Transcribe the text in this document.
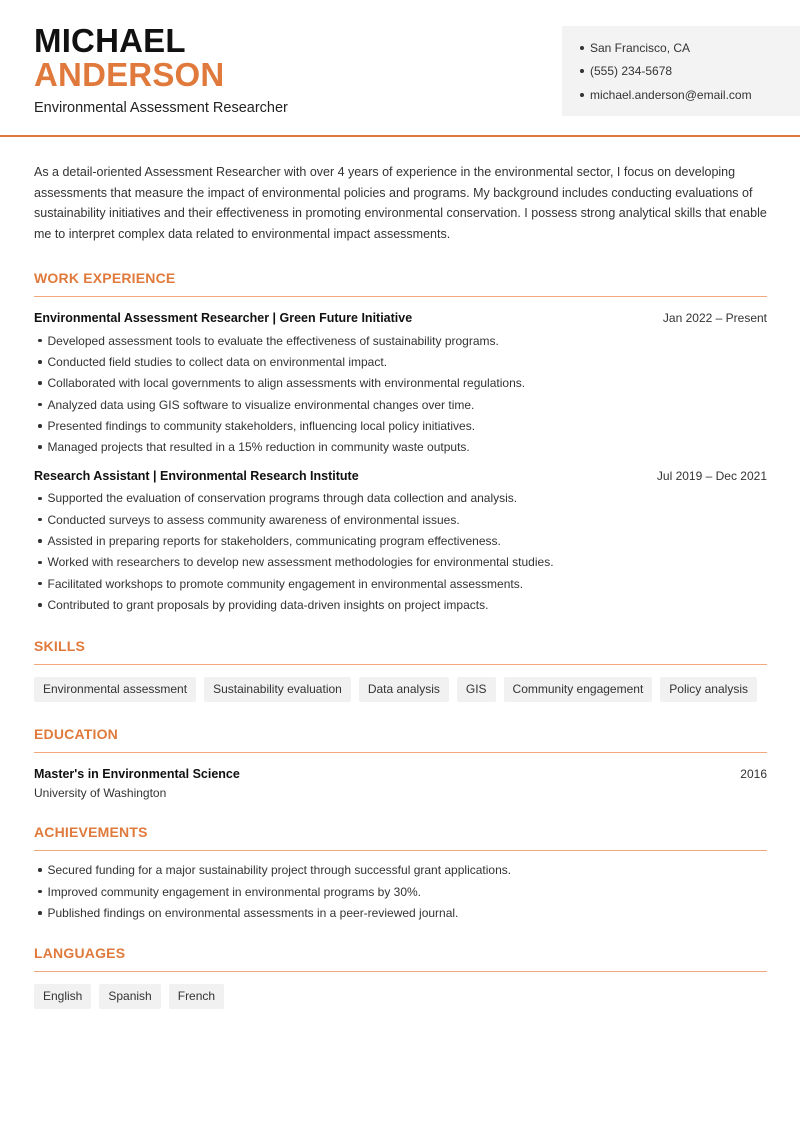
MICHAEL
ANDERSON
Environmental Assessment Researcher
San Francisco, CA
(555) 234-5678
michael.anderson@email.com

As a detail-oriented Assessment Researcher with over 4 years of experience in the environmental sector, I focus on developing assessments that measure the impact of environmental policies and programs. My background includes conducting evaluations of sustainability initiatives and their effectiveness in promoting environmental conservation. I possess strong analytical skills that enable me to interpret complex data related to environmental impact assessments.

WORK EXPERIENCE
Environmental Assessment Researcher | Green Future Initiative	Jan 2022 – Present
Developed assessment tools to evaluate the effectiveness of sustainability programs.
Conducted field studies to collect data on environmental impact.
Collaborated with local governments to align assessments with environmental regulations.
Analyzed data using GIS software to visualize environmental changes over time.
Presented findings to community stakeholders, influencing local policy initiatives.
Managed projects that resulted in a 15% reduction in community waste outputs.
Research Assistant | Environmental Research Institute	Jul 2019 – Dec 2021
Supported the evaluation of conservation programs through data collection and analysis.
Conducted surveys to assess community awareness of environmental issues.
Assisted in preparing reports for stakeholders, communicating program effectiveness.
Worked with researchers to develop new assessment methodologies for environmental studies.
Facilitated workshops to promote community engagement in environmental assessments.
Contributed to grant proposals by providing data-driven insights on project impacts.
SKILLS
Environmental assessment	Sustainability evaluation	Data analysis	GIS	Community engagement	Policy analysis
EDUCATION
Master's in Environmental Science	2016
University of Washington
ACHIEVEMENTS
Secured funding for a major sustainability project through successful grant applications.
Improved community engagement in environmental programs by 30%.
Published findings on environmental assessments in a peer-reviewed journal.
LANGUAGES
English	Spanish	French
